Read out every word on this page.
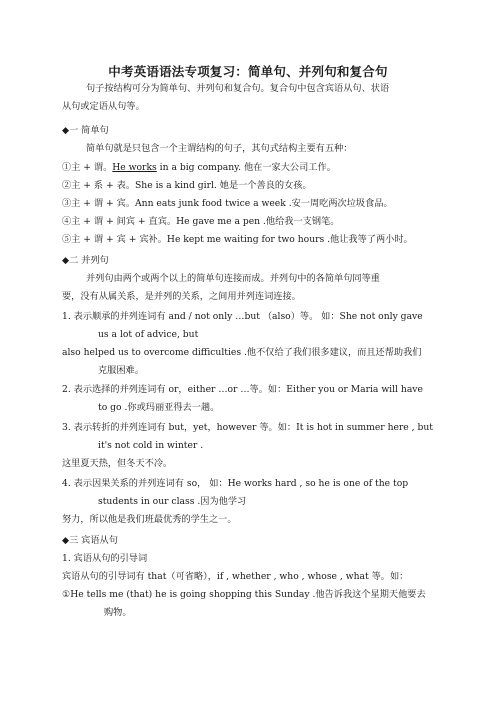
中考英语语法专项复习：简单句、并列句和复合句
句子按结构可分为简单句、并列句和复合句。复合句中包含宾语从句、状语
从句或定语从句等。
◆一 简单句
简单句就是只包含一个主谓结构的句子，其句式结构主要有五种：
①主 + 谓。He works in a big company. 他在一家大公司工作。
②主 + 系 + 表。She is a kind girl. 她是一个善良的女孩。
③主 + 谓 + 宾。Ann eats junk food twice a week .安一周吃两次垃圾食品。
④主 + 谓 + 间宾 + 直宾。He gave me a pen .他给我一支钢笔。
⑤主 + 谓 + 宾 + 宾补。He kept me waiting for two hours .他让我等了两小时。
◆二 并列句
并列句由两个或两个以上的简单句连接而成。并列句中的各简单句同等重
要，没有从属关系，是并列的关系，之间用并列连词连接。
1. 表示顺承的并列连词有 and / not only …but （also）等。 如：She not only gave
us a lot of advice, but
also helped us to overcome difficulties .他不仅给了我们很多建议，而且还帮助我们
克服困难。
2. 表示选择的并列连词有 or，either …or …等。如：Either you or Maria will have
to go .你或玛丽亚得去一趟。
3. 表示转折的并列连词有 but，yet，however 等。如：It is hot in summer here , but
it's not cold in winter .
这里夏天热，但冬天不冷。
4. 表示因果关系的并列连词有 so， 如：He works hard , so he is one of the top
students in our class .因为他学习
努力，所以他是我们班最优秀的学生之一。
◆三 宾语从句
1. 宾语从句的引导词
宾语从句的引导词有 that（可省略），if , whether , who , whose , what 等。如：
①He tells me (that) he is going shopping this Sunday .他告诉我这个星期天他要去
购物。
